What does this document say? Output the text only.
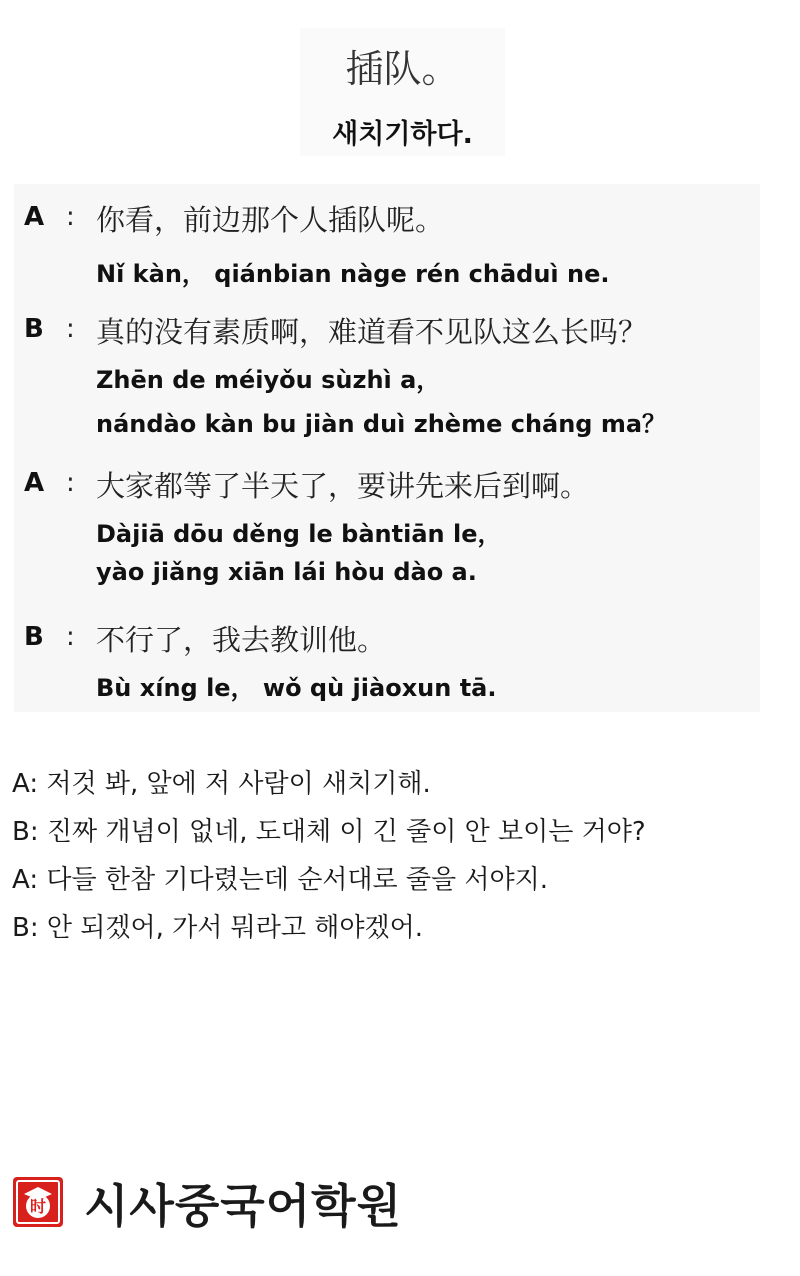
插队。
새치기하다.
A : 你看，前边那个人插队呢。
Nǐ kàn， qiánbian nàge rén chāduì ne.
B : 真的没有素质啊，难道看不见队这么长吗？
Zhēn de méiyǒu sùzhì a，
nándào kàn bu jiàn duì zhème cháng ma？
A : 大家都等了半天了，要讲先来后到啊。
Dàjiā dōu děng le bàntiān le，
yào jiǎng xiān lái hòu dào a.
B : 不行了，我去教训他。
Bù xíng le， wǒ qù jiàoxun tā.
A: 저것 봐, 앞에 저 사람이 새치기해.
B: 진짜 개념이 없네, 도대체 이 긴 줄이 안 보이는 거야?
A: 다들 한참 기다렸는데 순서대로 줄을 서야지.
B: 안 되겠어, 가서 뭐라고 해야겠어.
时 시사중국어학원
